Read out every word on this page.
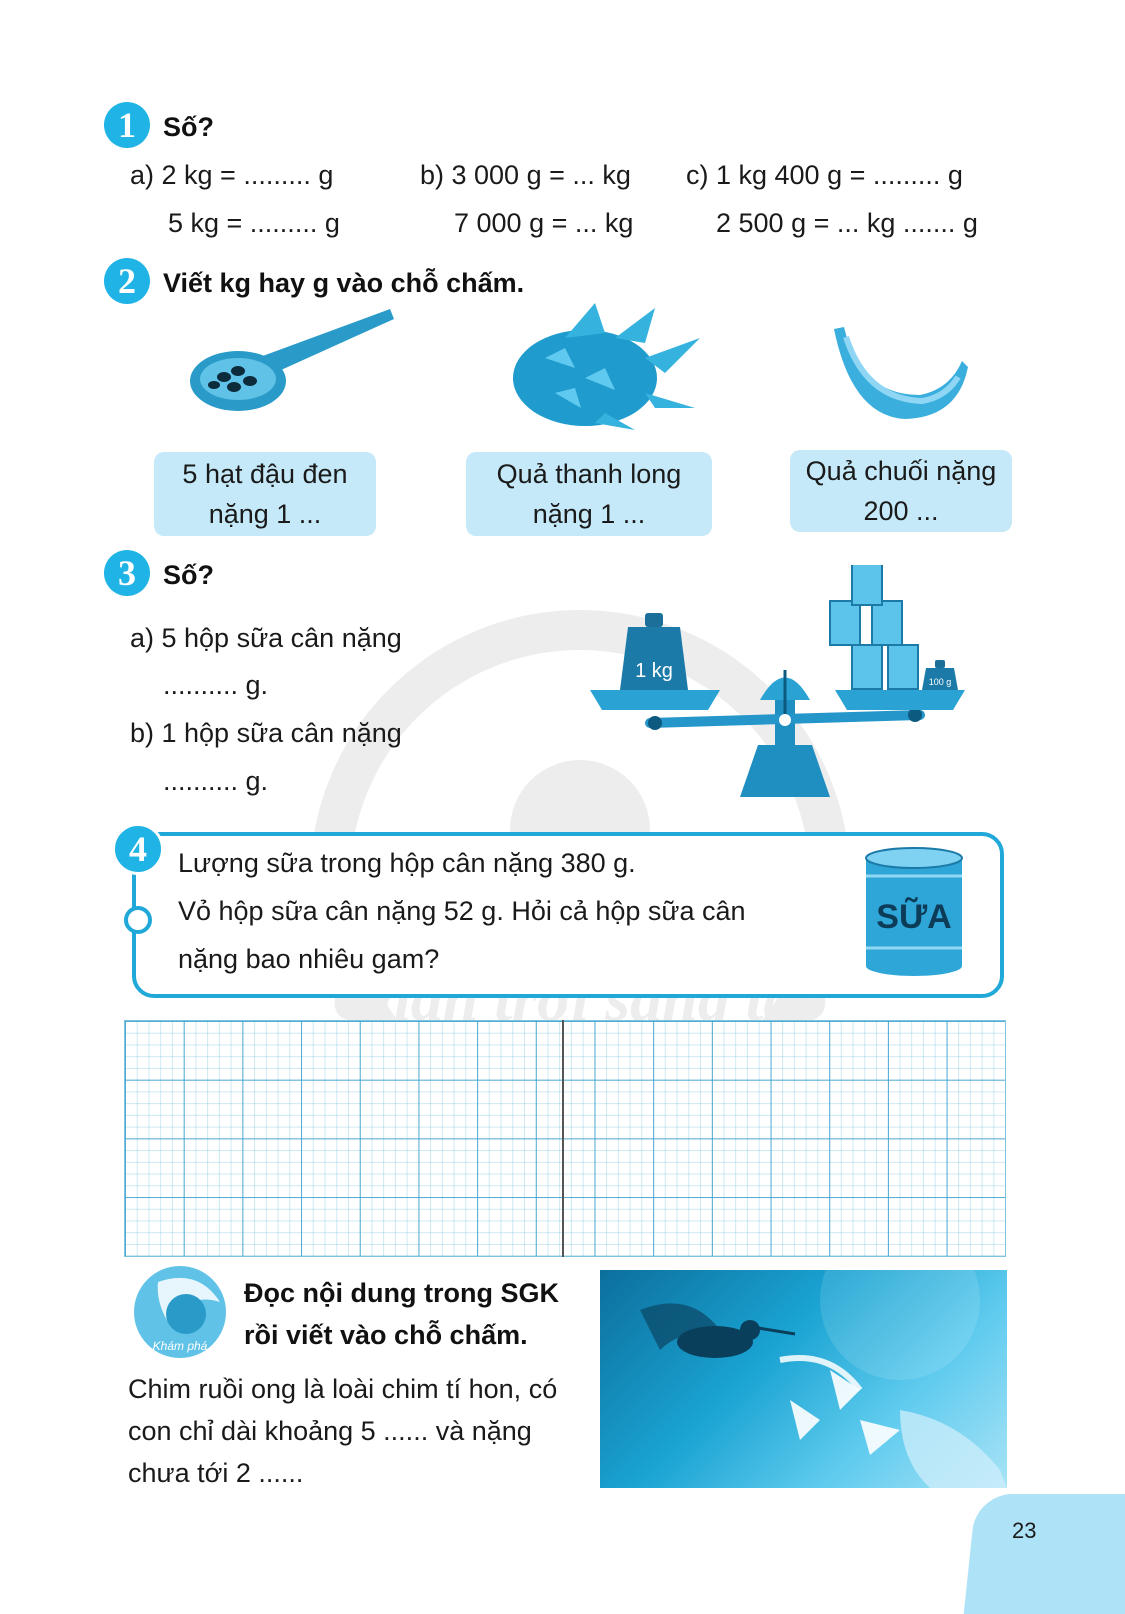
Chân trời sáng tạo
1	Số?
a) 2 kg = ......... g
5 kg = ......... g
b) 3 000 g = ... kg
7 000 g = ... kg
c) 1 kg 400 g = ......... g
2 500 g = ... kg ....... g
2	Viết kg hay g vào chỗ chấm.
5 hạt đậu đen
nặng 1 ...
Quả thanh long
nặng 1 ...
Quả chuối nặng
200 ...
3	Số?
a) 5 hộp sữa cân nặng
.......... g.
b) 1 hộp sữa cân nặng
.......... g.
1 kg	100 g
4	Lượng sữa trong hộp cân nặng 380 g.
Vỏ hộp sữa cân nặng 52 g. Hỏi cả hộp sữa cân
nặng bao nhiêu gam?
SỮA
Khám phá
Đọc nội dung trong SGK
rồi viết vào chỗ chấm.
Chim ruồi ong là loài chim tí hon, có
con chỉ dài khoảng 5 ...... và nặng
chưa tới 2 ......
23
